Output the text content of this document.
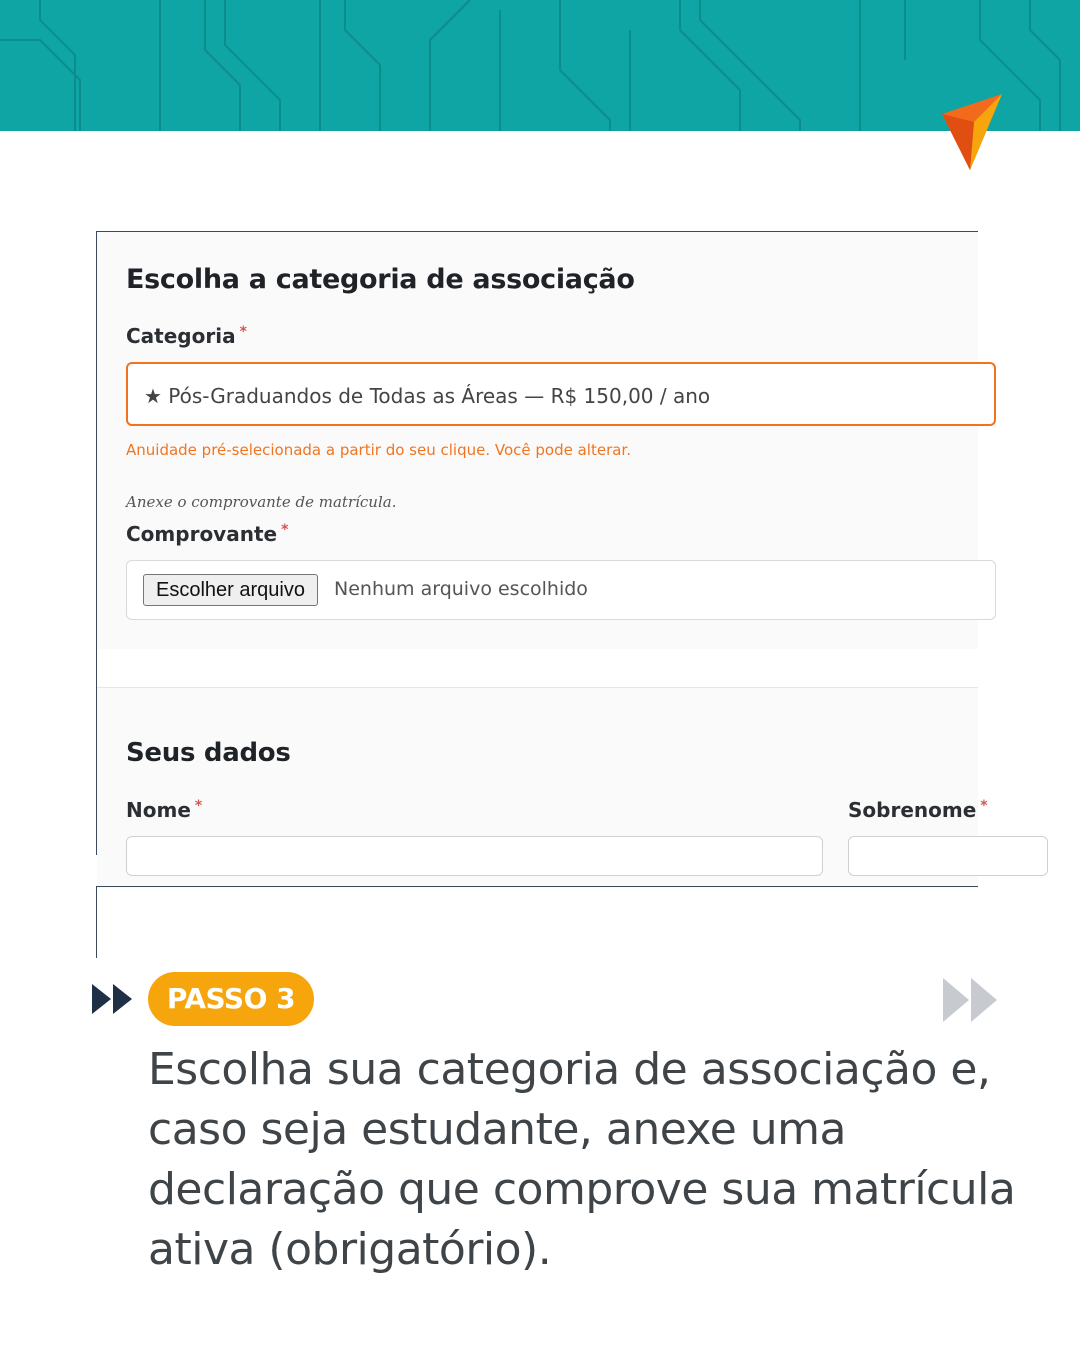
Escolha a categoria de associação
Categoria *
★ Pós-Graduandos de Todas as Áreas — R$ 150,00 / ano
Anuidade pré-selecionada a partir do seu clique. Você pode alterar.
Anexe o comprovante de matrícula.
Comprovante *
Escolher arquivo	Nenhum arquivo escolhido
Seus dados
Nome *	Sobrenome *
PASSO 3

Escolha sua categoria de associação e, caso seja estudante, anexe uma declaração que comprove sua matrícula ativa (obrigatório).
